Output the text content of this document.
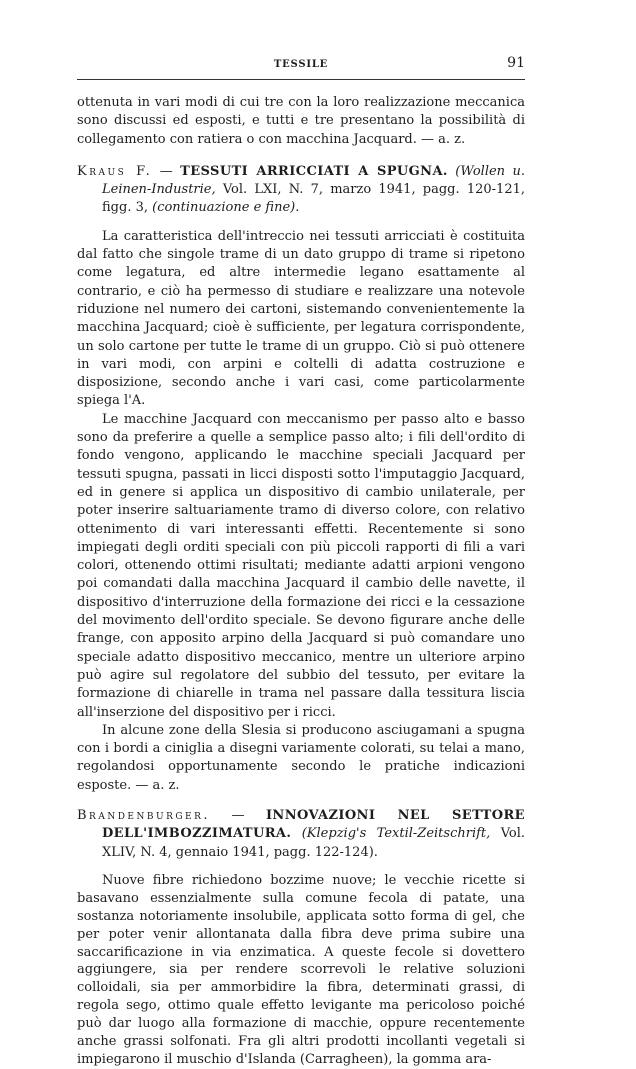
TESSILE	91

ottenuta in vari modi di cui tre con la loro realizzazione meccanica sono discussi ed esposti, e tutti e tre presentano la possibilità di collegamento con ratiera o con macchina Jacquard. — a. z.

Kraus F. — TESSUTI ARRICCIATI A SPUGNA. (Wollen u. Leinen-Industrie, Vol. LXI, N. 7, marzo 1941, pagg. 120-121, figg. 3, (continuazione e fine).

La caratteristica dell'intreccio nei tessuti arricciati è costituita dal fatto che singole trame di un dato gruppo di trame si ripetono come legatura, ed altre intermedie legano esattamente al contrario, e ciò ha permesso di studiare e realizzare una notevole riduzione nel numero dei cartoni, sistemando convenientemente la macchina Jacquard; cioè è sufficiente, per legatura corrispondente, un solo cartone per tutte le trame di un gruppo. Ciò si può ottenere in vari modi, con arpini e coltelli di adatta costruzione e disposizione, secondo anche i vari casi, come particolarmente spiega l'A.

Le macchine Jacquard con meccanismo per passo alto e basso sono da preferire a quelle a semplice passo alto; i fili dell'ordito di fondo vengono, applicando le macchine speciali Jacquard per tessuti spugna, passati in licci disposti sotto l'imputaggio Jacquard, ed in genere si applica un dispositivo di cambio unilaterale, per poter inserire saltuariamente tramo di diverso colore, con relativo ottenimento di vari interessanti effetti. Recentemente si sono impiegati degli orditi speciali con più piccoli rapporti di fili a vari colori, ottenendo ottimi risultati; mediante adatti arpioni vengono poi comandati dalla macchina Jacquard il cambio delle navette, il dispositivo d'interruzione della formazione dei ricci e la cessazione del movimento dell'ordito speciale. Se devono figurare anche delle frange, con apposito arpino della Jacquard si può comandare uno speciale adatto dispositivo meccanico, mentre un ulteriore arpino può agire sul regolatore del subbio del tessuto, per evitare la formazione di chiarelle in trama nel passare dalla tessitura liscia all'inserzione del dispositivo per i ricci.

In alcune zone della Slesia si producono asciugamani a spugna con i bordi a ciniglia a disegni variamente colorati, su telai a mano, regolandosi opportunamente secondo le pratiche indicazioni esposte. — a. z.

Brandenburger. — INNOVAZIONI NEL SETTORE DELL'IMBOZZIMATURA. (Klepzig's Textil-Zeitschrift, Vol. XLIV, N. 4, gennaio 1941, pagg. 122-124).

Nuove fibre richiedono bozzime nuove; le vecchie ricette si basavano essenzialmente sulla comune fecola di patate, una sostanza notoriamente insolubile, applicata sotto forma di gel, che per poter venir allontanata dalla fibra deve prima subire una saccarificazione in via enzimatica. A queste fecole si dovettero aggiungere, sia per rendere scorrevoli le relative soluzioni colloidali, sia per ammorbidire la fibra, determinati grassi, di regola sego, ottimo quale effetto levigante ma pericoloso poiché può dar luogo alla formazione di macchie, oppure recentemente anche grassi solfonati. Fra gli altri prodotti incollanti vegetali si impiegarono il muschio d'Islanda (Carragheen), la gomma ara-
